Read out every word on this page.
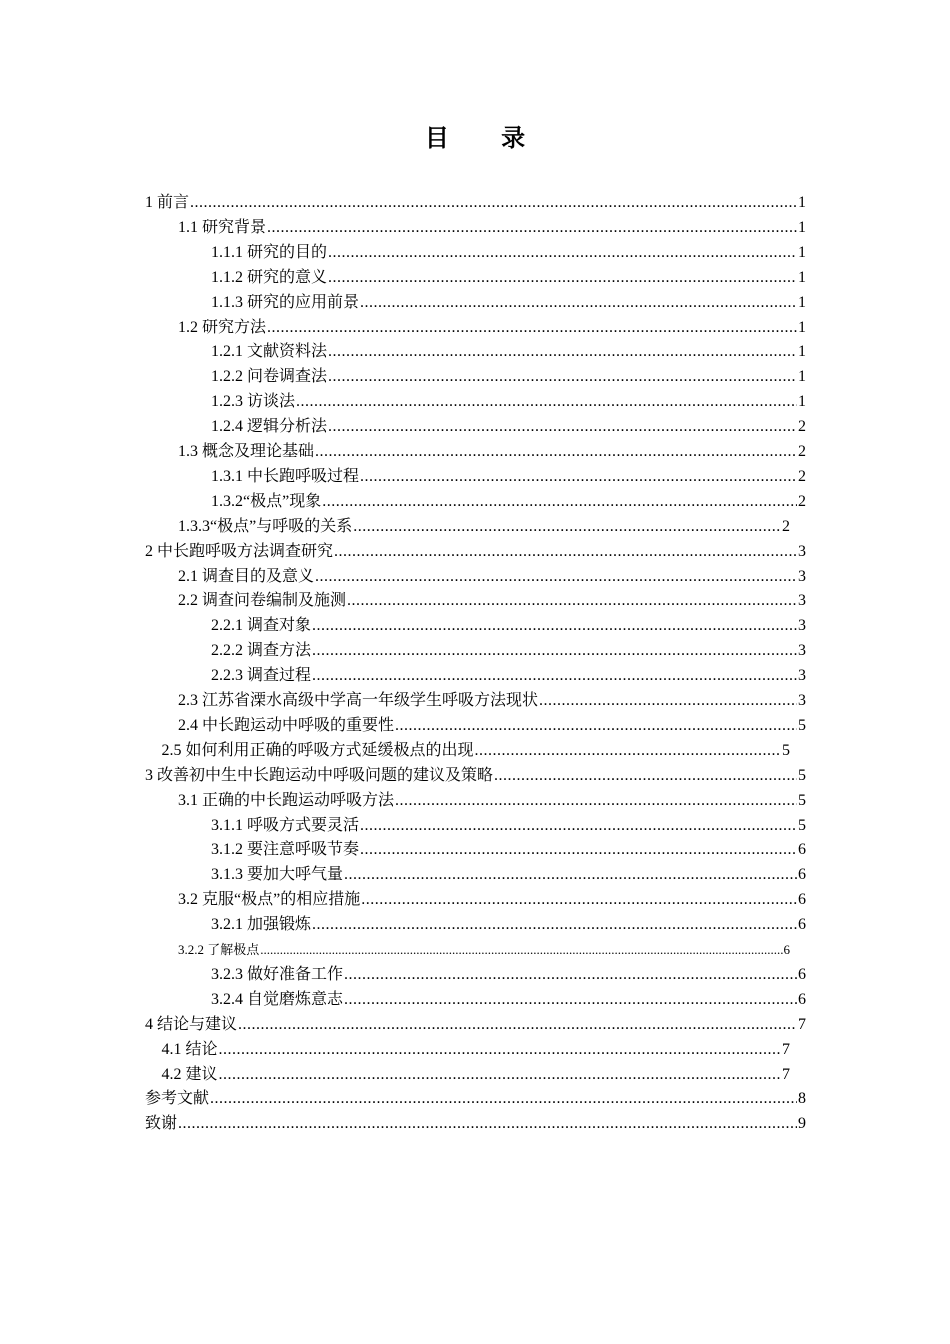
目 录
1 前言 .....	1
1.1 研究背景 .....	1
1.1.1 研究的目的 .....	1
1.1.2 研究的意义 .....	1
1.1.3 研究的应用前景 .....	1
1.2 研究方法 .....	1
1.2.1 文献资料法 .....	1
1.2.2 问卷调查法 .....	1
1.2.3 访谈法 .....	1
1.2.4 逻辑分析法 .....	2
1.3 概念及理论基础 .....	2
1.3.1 中长跑呼吸过程 .....	2
1.3.2“极点”现象 .....	2
1.3.3“极点”与呼吸的关系 .....	2
2 中长跑呼吸方法调查研究 .....	3
2.1 调查目的及意义 .....	3
2.2 调查问卷编制及施测 .....	3
2.2.1 调查对象 .....	3
2.2.2 调查方法 .....	3
2.2.3 调查过程 .....	3
2.3 江苏省溧水高级中学高一年级学生呼吸方法现状 .....	3
2.4 中长跑运动中呼吸的重要性 .....	5
2.5 如何利用正确的呼吸方式延缓极点的出现 .....	5
3 改善初中生中长跑运动中呼吸问题的建议及策略 .....	5
3.1 正确的中长跑运动呼吸方法 .....	5
3.1.1 呼吸方式要灵活 .....	5
3.1.2 要注意呼吸节奏 .....	6
3.1.3 要加大呼气量 .....	6
3.2 克服“极点”的相应措施 .....	6
3.2.1 加强锻炼 .....	6
3.2.2 了解极点 .....	6
3.2.3 做好准备工作 .....	6
3.2.4 自觉磨炼意志 .....	6
4 结论与建议 .....	7
4.1 结论 .....	7
4.2 建议 .....	7
参考文献 .....	8
致谢 .....	9
